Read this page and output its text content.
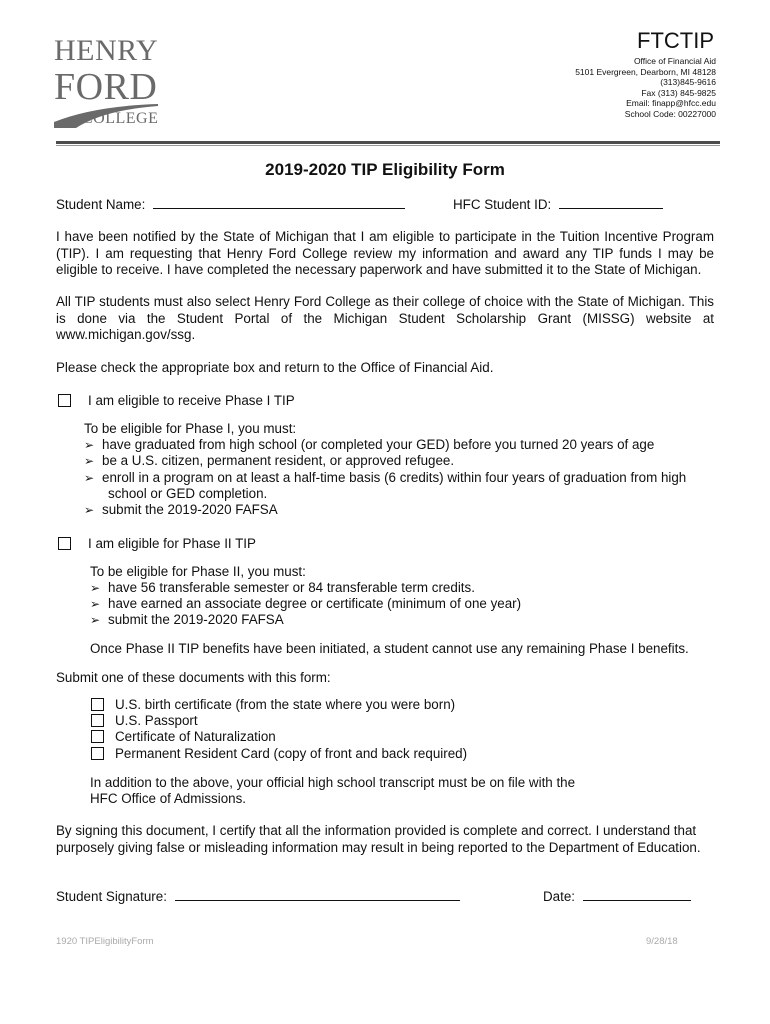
HENRY
FORD
COLLEGE
FTCTIP
Office of Financial Aid
5101 Evergreen, Dearborn, MI 48128
(313)845-9616
Fax (313) 845-9825
Email: finapp@hfcc.edu
School Code: 00227000
2019-2020 TIP Eligibility Form
Student Name:	HFC Student ID:
I have been notified by the State of Michigan that I am eligible to participate in the Tuition Incentive Program (TIP). I am requesting that Henry Ford College review my information and award any TIP funds I may be eligible to receive. I have completed the necessary paperwork and have submitted it to the State of Michigan.
All TIP students must also select Henry Ford College as their college of choice with the State of Michigan. This is done via the Student Portal of the Michigan Student Scholarship Grant (MISSG) website at www.michigan.gov/ssg.
Please check the appropriate box and return to the Office of Financial Aid.
I am eligible to receive Phase I TIP
To be eligible for Phase I, you must:
➢ have graduated from high school (or completed your GED) before you turned 20 years of age
➢ be a U.S. citizen, permanent resident, or approved refugee.
➢ enroll in a program on at least a half-time basis (6 credits) within four years of graduation from high
school or GED completion.
➢ submit the 2019-2020 FAFSA
I am eligible for Phase II TIP
To be eligible for Phase II, you must:
➢ have 56 transferable semester or 84 transferable term credits.
➢ have earned an associate degree or certificate (minimum of one year)
➢ submit the 2019-2020 FAFSA
Once Phase II TIP benefits have been initiated, a student cannot use any remaining Phase I benefits.
Submit one of these documents with this form:
U.S. birth certificate (from the state where you were born)
U.S. Passport
Certificate of Naturalization
Permanent Resident Card (copy of front and back required)
In addition to the above, your official high school transcript must be on file with the
HFC Office of Admissions.
By signing this document, I certify that all the information provided is complete and correct. I understand that purposely giving false or misleading information may result in being reported to the Department of Education.
Student Signature:	Date:
1920 TIPEligibilityForm	9/28/18
